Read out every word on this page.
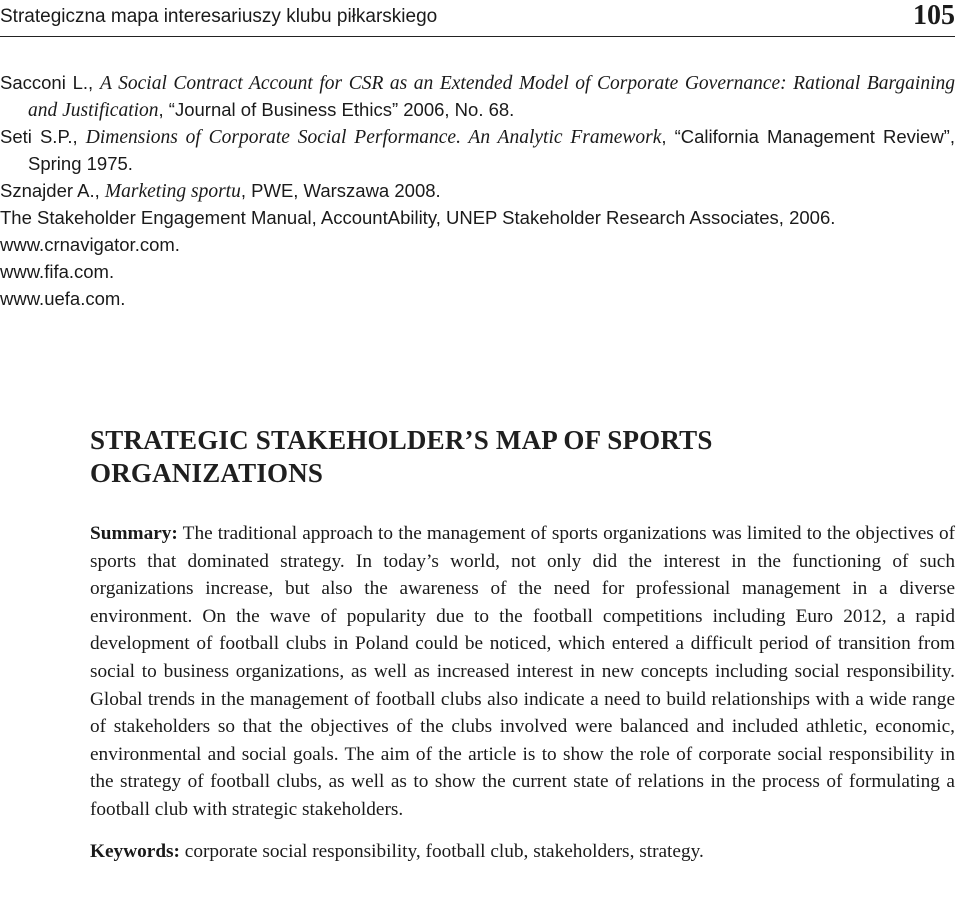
Strategiczna mapa interesariuszy klubu piłkarskiego	105
Sacconi L., A Social Contract Account for CSR as an Extended Model of Corporate Governance: Rational Bargaining and Justification, “Journal of Business Ethics” 2006, No. 68.
Seti S.P., Dimensions of Corporate Social Performance. An Analytic Framework, “California Management Review”, Spring 1975.
Sznajder A., Marketing sportu, PWE, Warszawa 2008.
The Stakeholder Engagement Manual, AccountAbility, UNEP Stakeholder Research Associates, 2006.
www.crnavigator.com.
www.fifa.com.
www.uefa.com.
STRATEGIC STAKEHOLDER’S MAP OF SPORTS
ORGANIZATIONS
Summary: The traditional approach to the management of sports organizations was limited to the objectives of sports that dominated strategy. In today’s world, not only did the interest in the functioning of such organizations increase, but also the awareness of the need for professional management in a diverse environment. On the wave of popularity due to the football competitions including Euro 2012, a rapid development of football clubs in Poland could be noticed, which entered a difficult period of transition from social to business organizations, as well as increased interest in new concepts including social responsibility. Global trends in the management of football clubs also indicate a need to build relationships with a wide range of stakeholders so that the objectives of the clubs involved were balanced and included athletic, economic, environmental and social goals. The aim of the article is to show the role of corporate social responsibility in the strategy of football clubs, as well as to show the current state of relations in the process of formulating a football club with strategic stakeholders.
Keywords: corporate social responsibility, football club, stakeholders, strategy.
